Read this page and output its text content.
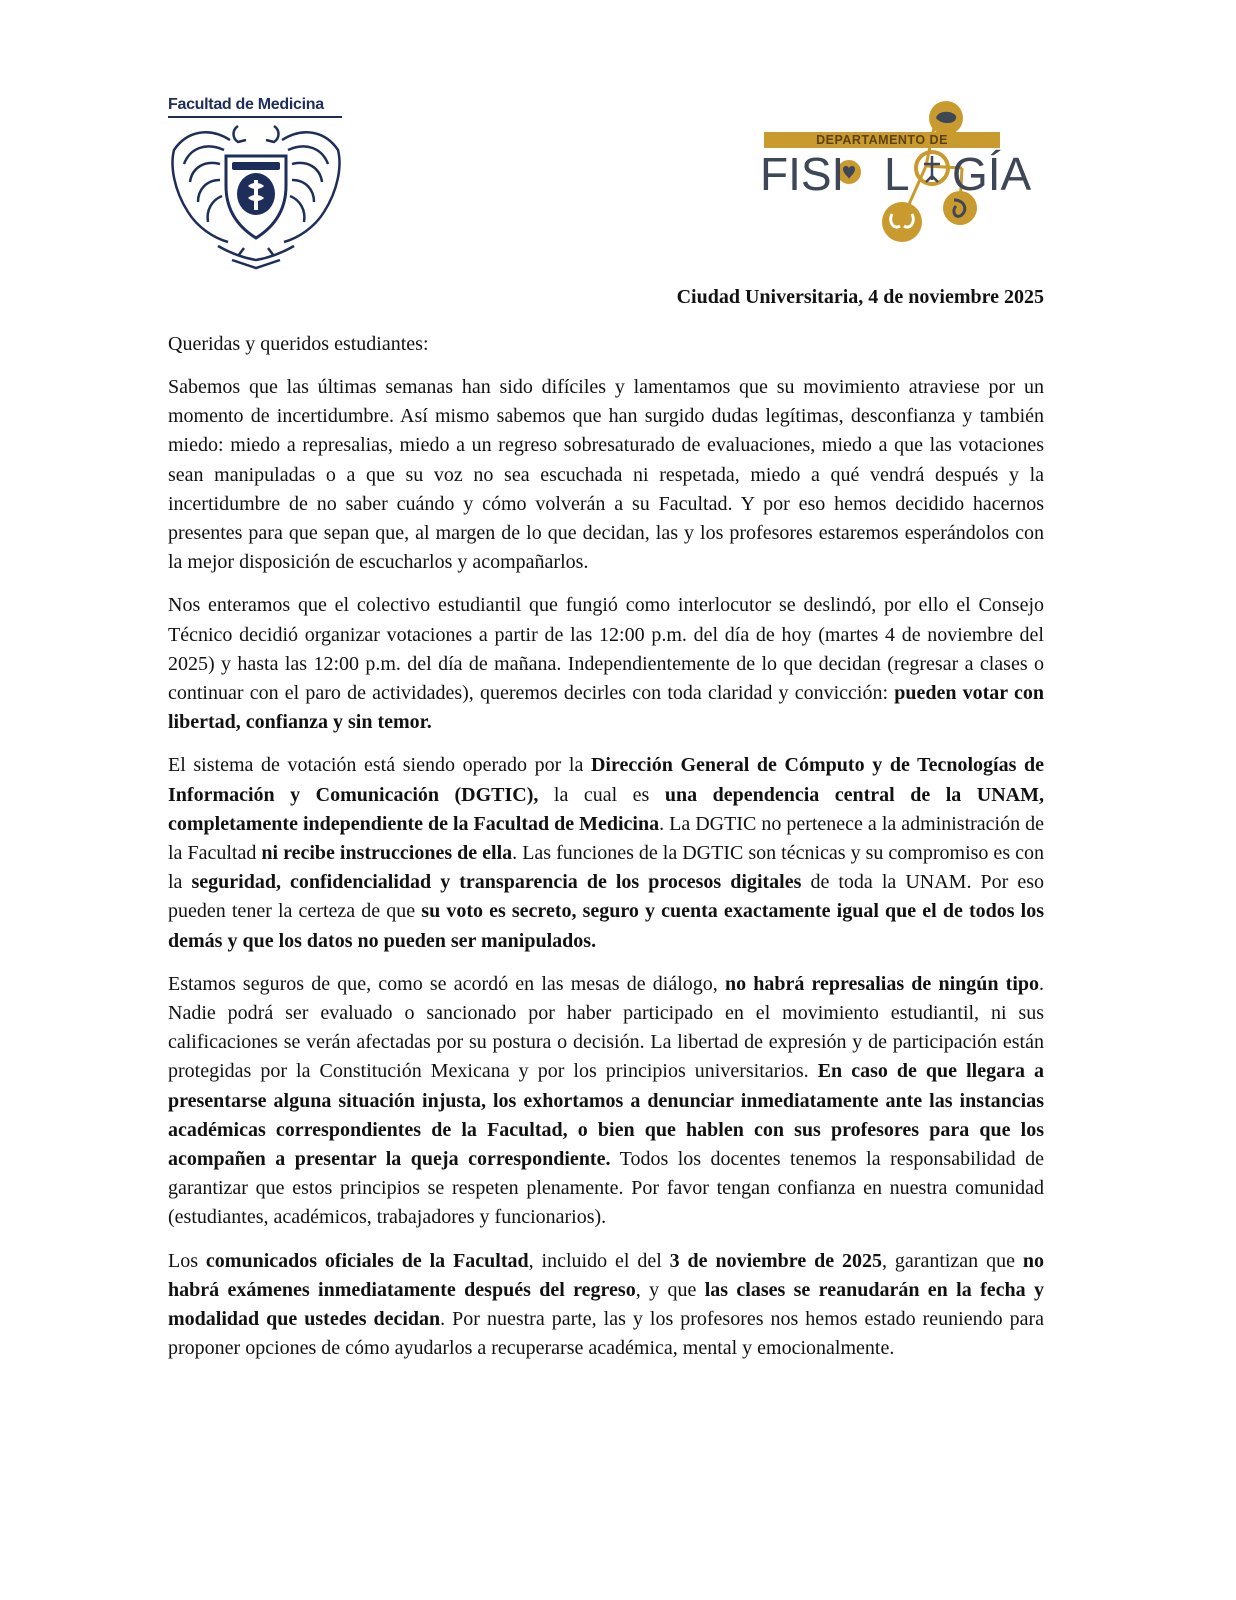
Facultad de Medicina
FISI L GÍA
DEPARTAMENTO DE
Ciudad Universitaria, 4 de noviembre 2025
Queridas y queridos estudiantes:

Sabemos que las últimas semanas han sido difíciles y lamentamos que su movimiento atraviese por un momento de incertidumbre. Así mismo sabemos que han surgido dudas legítimas, desconfianza y también miedo: miedo a represalias, miedo a un regreso sobresaturado de evaluaciones, miedo a que las votaciones sean manipuladas o a que su voz no sea escuchada ni respetada, miedo a qué vendrá después y la incertidumbre de no saber cuándo y cómo volverán a su Facultad. Y por eso hemos decidido hacernos presentes para que sepan que, al margen de lo que decidan, las y los profesores estaremos esperándolos con la mejor disposición de escucharlos y acompañarlos.

Nos enteramos que el colectivo estudiantil que fungió como interlocutor se deslindó, por ello el Consejo Técnico decidió organizar votaciones a partir de las 12:00 p.m. del día de hoy (martes 4 de noviembre del 2025) y hasta las 12:00 p.m. del día de mañana. Independientemente de lo que decidan (regresar a clases o continuar con el paro de actividades), queremos decirles con toda claridad y convicción: pueden votar con libertad, confianza y sin temor.

El sistema de votación está siendo operado por la Dirección General de Cómputo y de Tecnologías de Información y Comunicación (DGTIC), la cual es una dependencia central de la UNAM, completamente independiente de la Facultad de Medicina. La DGTIC no pertenece a la administración de la Facultad ni recibe instrucciones de ella. Las funciones de la DGTIC son técnicas y su compromiso es con la seguridad, confidencialidad y transparencia de los procesos digitales de toda la UNAM. Por eso pueden tener la certeza de que su voto es secreto, seguro y cuenta exactamente igual que el de todos los demás y que los datos no pueden ser manipulados.

Estamos seguros de que, como se acordó en las mesas de diálogo, no habrá represalias de ningún tipo. Nadie podrá ser evaluado o sancionado por haber participado en el movimiento estudiantil, ni sus calificaciones se verán afectadas por su postura o decisión. La libertad de expresión y de participación están protegidas por la Constitución Mexicana y por los principios universitarios. En caso de que llegara a presentarse alguna situación injusta, los exhortamos a denunciar inmediatamente ante las instancias académicas correspondientes de la Facultad, o bien que hablen con sus profesores para que los acompañen a presentar la queja correspondiente. Todos los docentes tenemos la responsabilidad de garantizar que estos principios se respeten plenamente. Por favor tengan confianza en nuestra comunidad (estudiantes, académicos, trabajadores y funcionarios).

Los comunicados oficiales de la Facultad, incluido el del 3 de noviembre de 2025, garantizan que no habrá exámenes inmediatamente después del regreso, y que las clases se reanudarán en la fecha y modalidad que ustedes decidan. Por nuestra parte, las y los profesores nos hemos estado reuniendo para proponer opciones de cómo ayudarlos a recuperarse académica, mental y emocionalmente.
